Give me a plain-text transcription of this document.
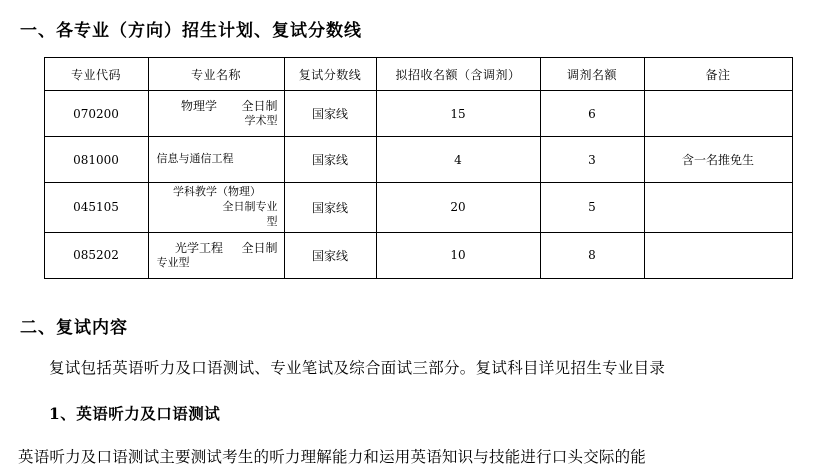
一、各专业（方向）招生计划、复试分数线
专业代码	专业名称	复试分数线	拟招收名额（含调剂）	调剂名额	备注
070200	物理学 全日制
学术型	国家线	15	6	
081000	信息与通信工程	国家线	4	3	含一名推免生
045105	学科教学（物理）
全日制专业
型	国家线	20	5	
085202	光学工程 全日制
专业型	国家线	10	8	
二、复试内容

复试包括英语听力及口语测试、专业笔试及综合面试三部分。复试科目详见招生专业目录

1、英语听力及口语测试

英语听力及口语测试主要测试考生的听力理解能力和运用英语知识与技能进行口头交际的能
